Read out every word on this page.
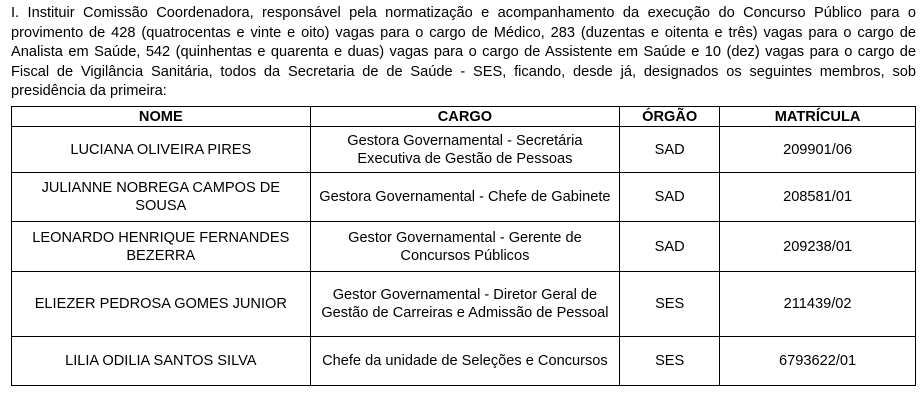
I. Instituir Comissão Coordenadora, responsável pela normatização e acompanhamento da execução do Concurso Público para o provimento de 428 (quatrocentas e vinte e oito) vagas para o cargo de Médico, 283 (duzentas e oitenta e três) vagas para o cargo de Analista em Saúde, 542 (quinhentas e quarenta e duas) vagas para o cargo de Assistente em Saúde e 10 (dez) vagas para o cargo de Fiscal de Vigilância Sanitária, todos da Secretaria de de Saúde - SES, ficando, desde já, designados os seguintes membros, sob presidência da primeira:

NOME	CARGO	ÓRGÃO	MATRÍCULA
LUCIANA OLIVEIRA PIRES	Gestora Governamental - Secretária Executiva de Gestão de Pessoas	SAD	209901/06
JULIANNE NOBREGA CAMPOS DE SOUSA	Gestora Governamental - Chefe de Gabinete	SAD	208581/01
LEONARDO HENRIQUE FERNANDES BEZERRA	Gestor Governamental - Gerente de Concursos Públicos	SAD	209238/01
ELIEZER PEDROSA GOMES JUNIOR	Gestor Governamental - Diretor Geral de Gestão de Carreiras e Admissão de Pessoal	SES	211439/02
LILIA ODILIA SANTOS SILVA	Chefe da unidade de Seleções e Concursos	SES	6793622/01
